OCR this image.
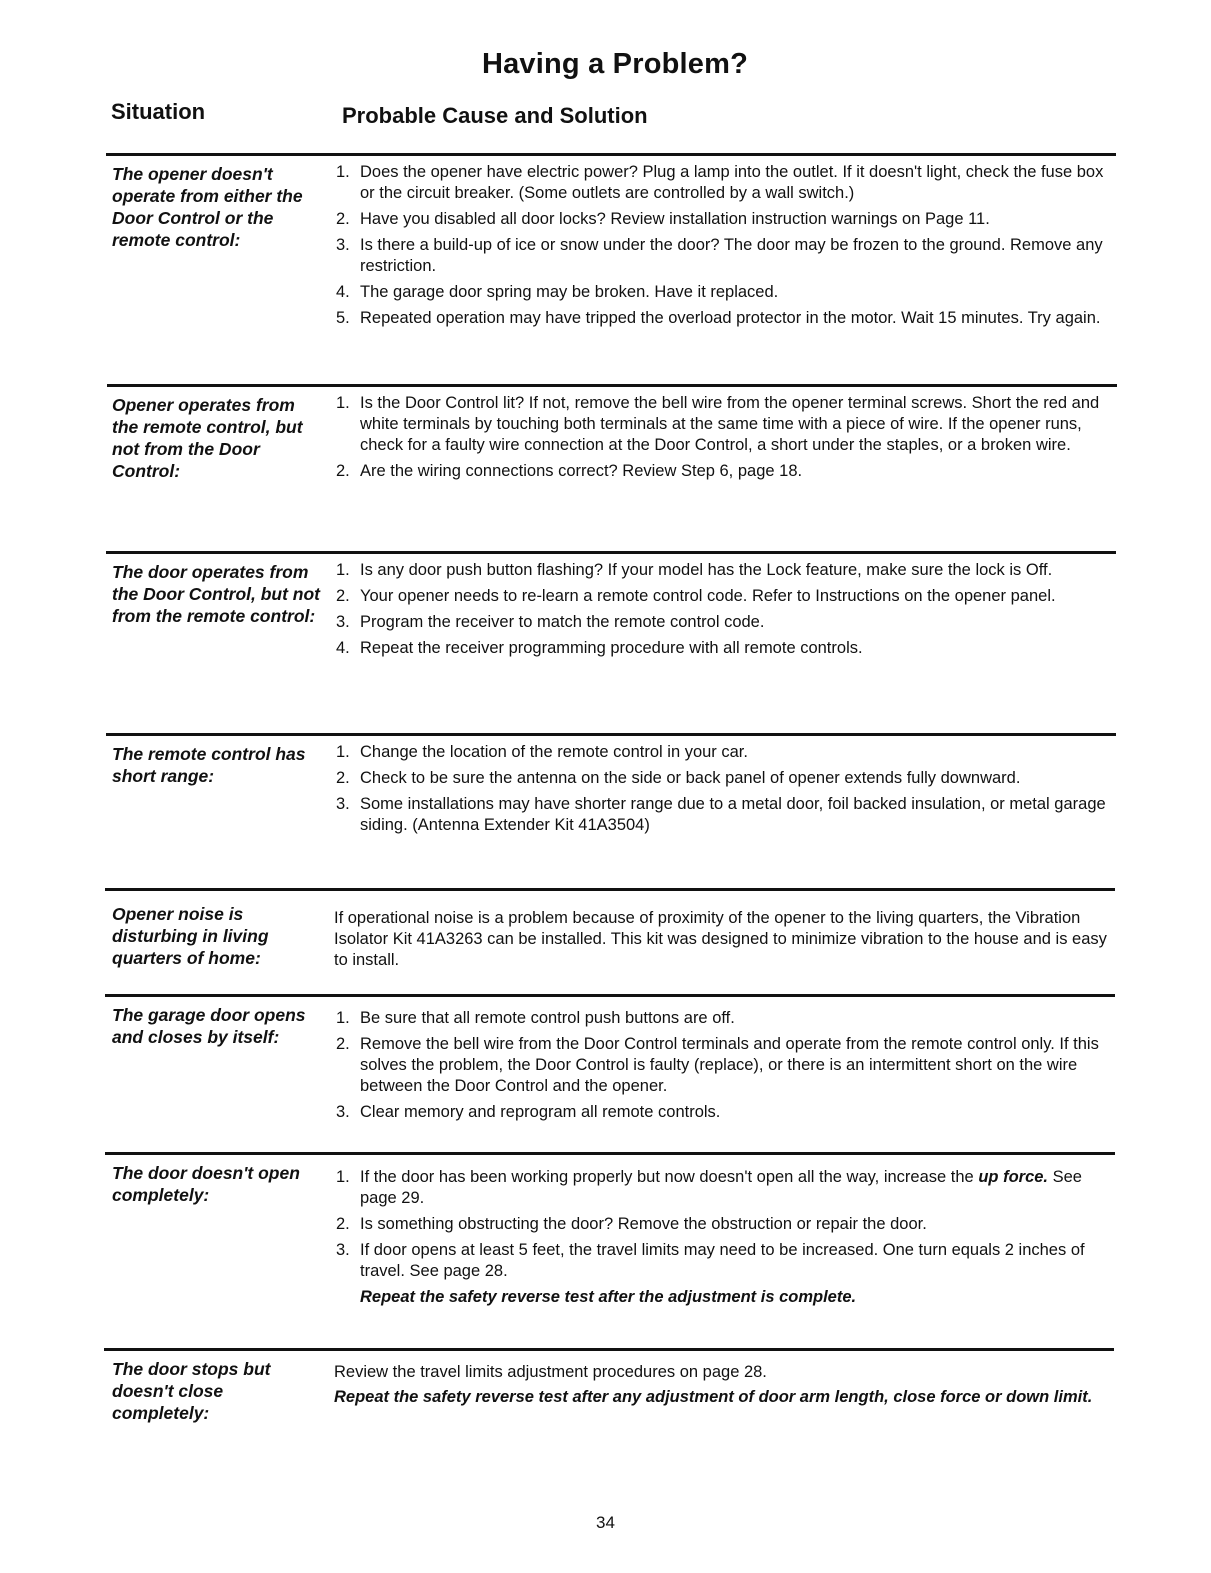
Having a Problem?
Situation	Probable Cause and Solution
The opener doesn't operate from either the Door Control or the remote control:
1. Does the opener have electric power? Plug a lamp into the outlet. If it doesn't light, check the fuse box or the circuit breaker. (Some outlets are controlled by a wall switch.)
2. Have you disabled all door locks? Review installation instruction warnings on Page 11.
3. Is there a build-up of ice or snow under the door? The door may be frozen to the ground. Remove any restriction.
4. The garage door spring may be broken. Have it replaced.
5. Repeated operation may have tripped the overload protector in the motor. Wait 15 minutes. Try again.
Opener operates from the remote control, but not from the Door Control:
1. Is the Door Control lit? If not, remove the bell wire from the opener terminal screws. Short the red and white terminals by touching both terminals at the same time with a piece of wire. If the opener runs, check for a faulty wire connection at the Door Control, a short under the staples, or a broken wire.
2. Are the wiring connections correct? Review Step 6, page 18.
The door operates from the Door Control, but not from the remote control:
1. Is any door push button flashing? If your model has the Lock feature, make sure the lock is Off.
2. Your opener needs to re-learn a remote control code. Refer to Instructions on the opener panel.
3. Program the receiver to match the remote control code.
4. Repeat the receiver programming procedure with all remote controls.
The remote control has short range:
1. Change the location of the remote control in your car.
2. Check to be sure the antenna on the side or back panel of opener extends fully downward.
3. Some installations may have shorter range due to a metal door, foil backed insulation, or metal garage siding. (Antenna Extender Kit 41A3504)
Opener noise is disturbing in living quarters of home:
If operational noise is a problem because of proximity of the opener to the living quarters, the Vibration Isolator Kit 41A3263 can be installed. This kit was designed to minimize vibration to the house and is easy to install.
The garage door opens and closes by itself:
1. Be sure that all remote control push buttons are off.
2. Remove the bell wire from the Door Control terminals and operate from the remote control only. If this solves the problem, the Door Control is faulty (replace), or there is an intermittent short on the wire between the Door Control and the opener.
3. Clear memory and reprogram all remote controls.
The door doesn't open completely:
1. If the door has been working properly but now doesn't open all the way, increase the up force. See page 29.
2. Is something obstructing the door? Remove the obstruction or repair the door.
3. If door opens at least 5 feet, the travel limits may need to be increased. One turn equals 2 inches of travel. See page 28.
Repeat the safety reverse test after the adjustment is complete.
The door stops but doesn't close completely:
Review the travel limits adjustment procedures on page 28.
Repeat the safety reverse test after any adjustment of door arm length, close force or down limit.
34
